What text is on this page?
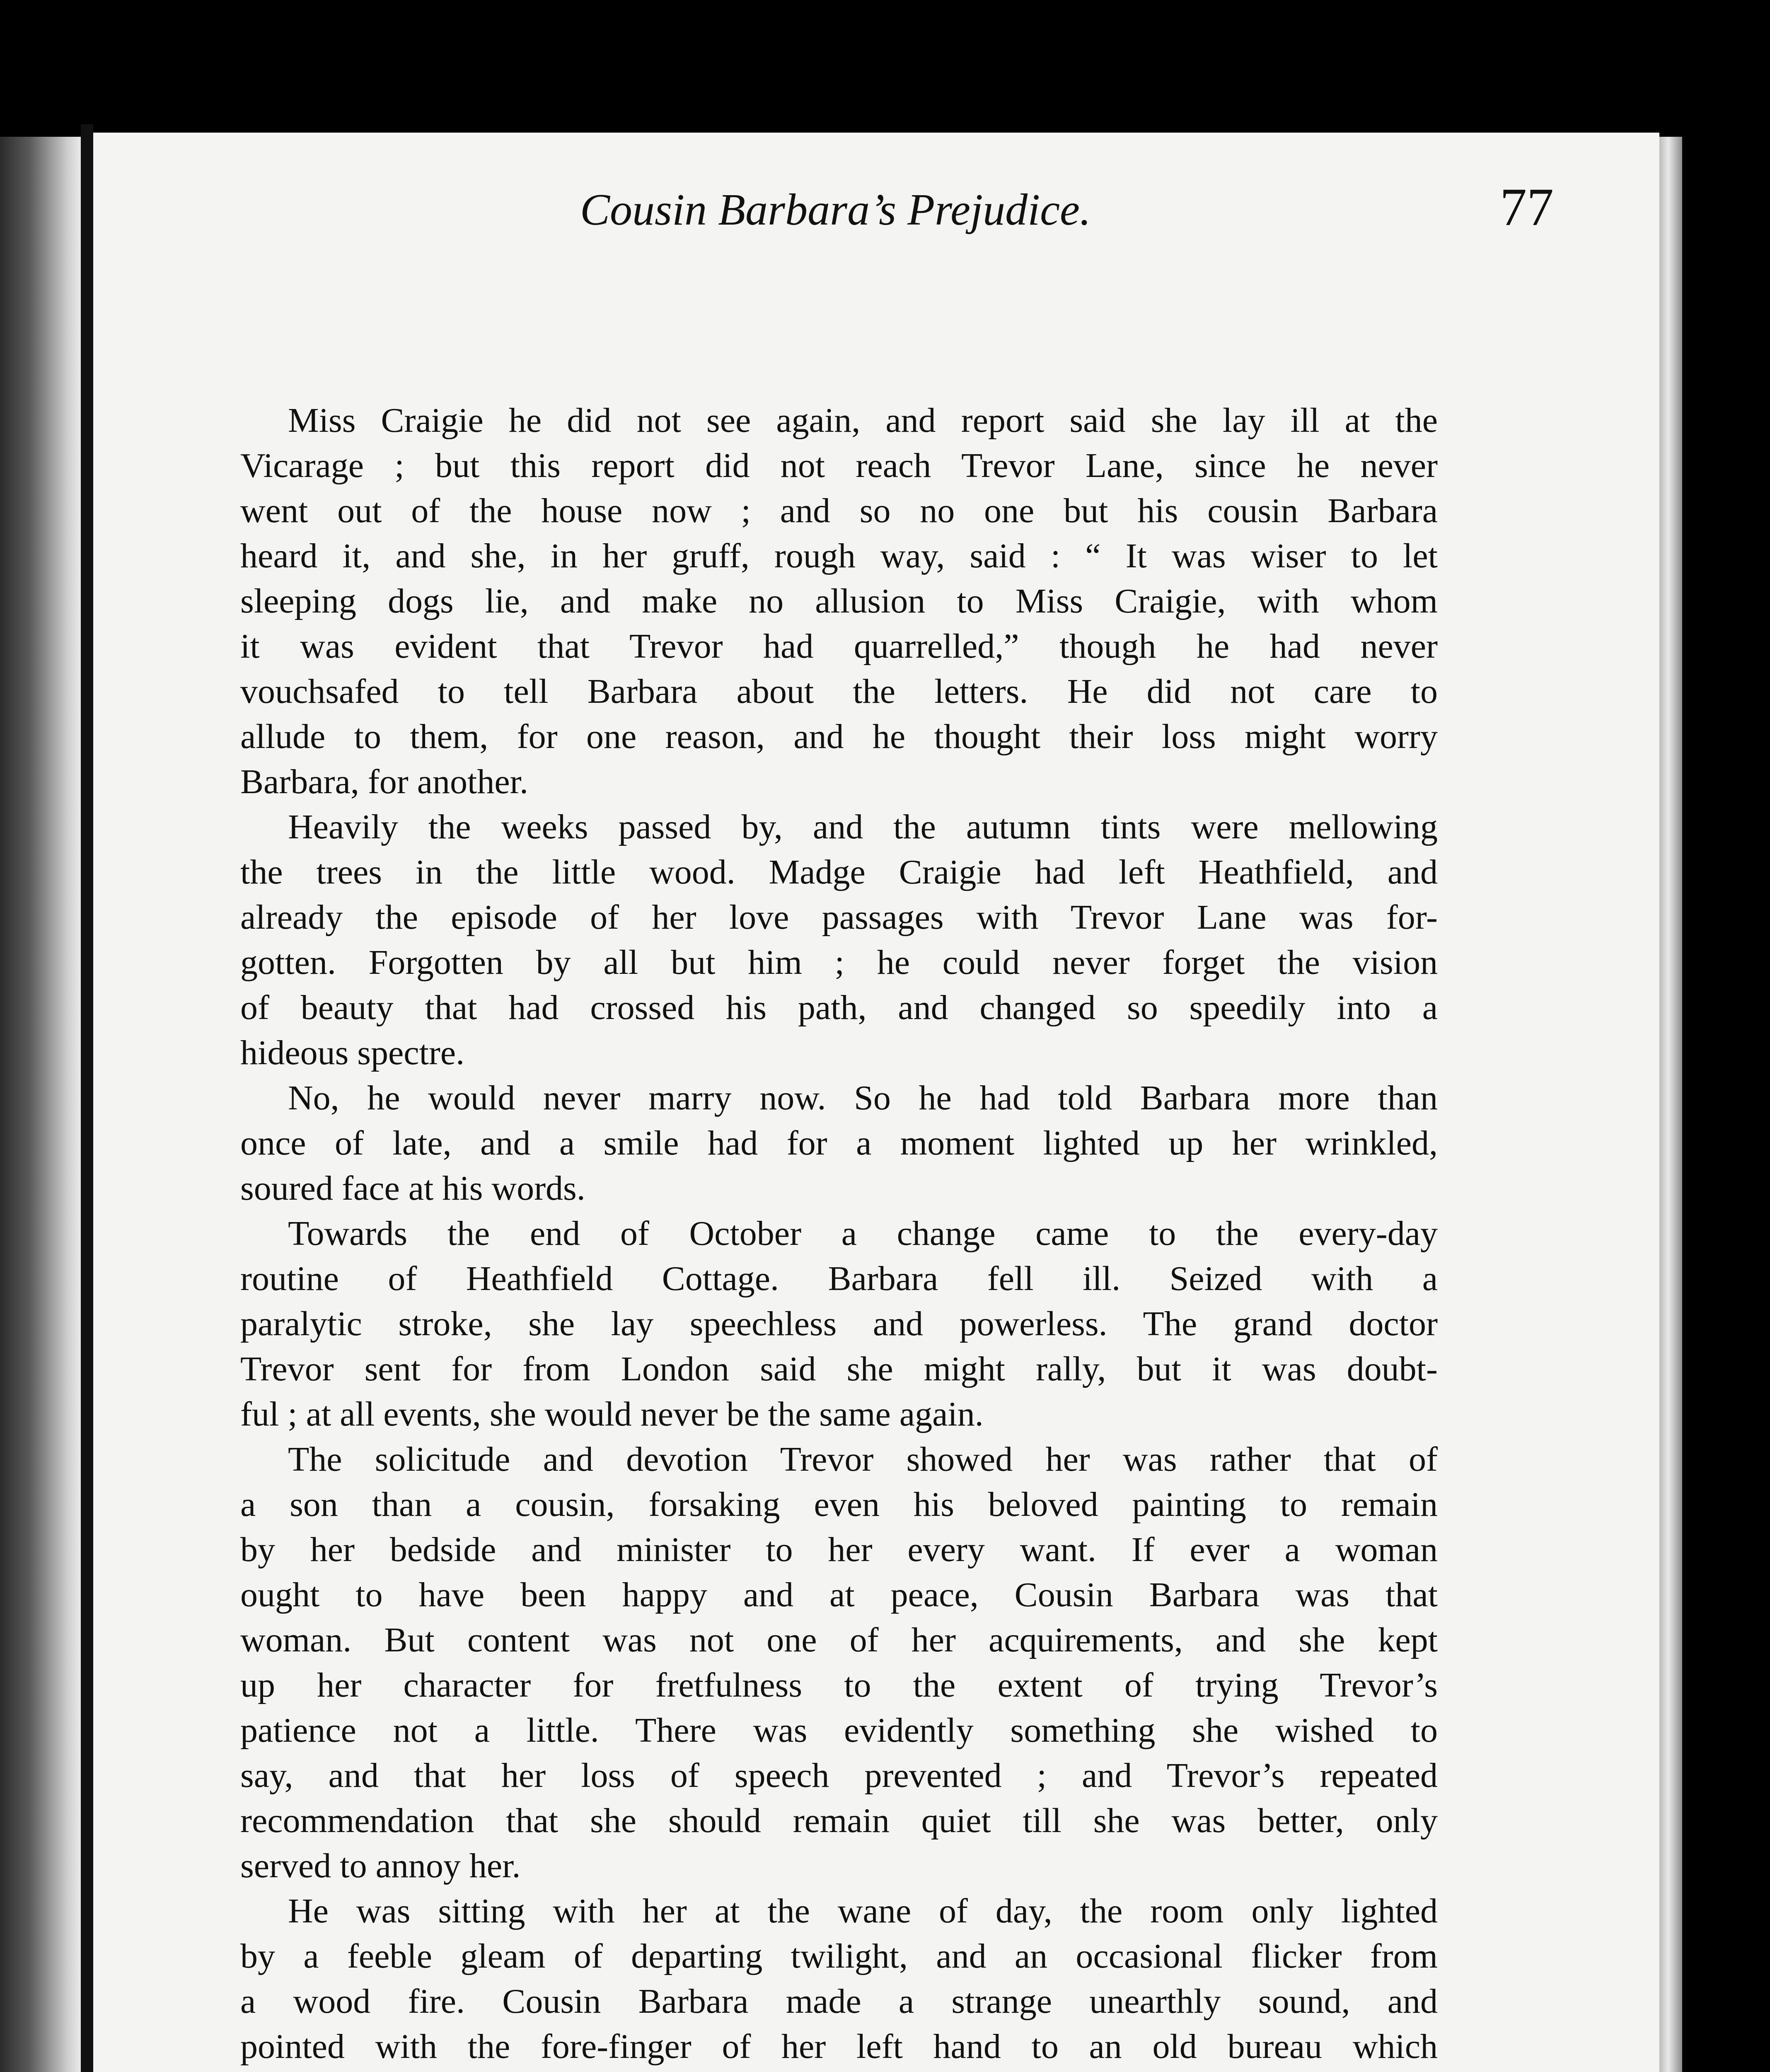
Cousin Barbara’s Prejudice.	77
Miss Craigie he did not see again, and report said she lay ill at the
Vicarage ; but this report did not reach Trevor Lane, since he never
went out of the house now ; and so no one but his cousin Barbara
heard it, and she, in her gruff, rough way, said : “ It was wiser to let
sleeping dogs lie, and make no allusion to Miss Craigie, with whom
it was evident that Trevor had quarrelled,” though he had never
vouchsafed to tell Barbara about the letters. He did not care to
allude to them, for one reason, and he thought their loss might worry
Barbara, for another.
Heavily the weeks passed by, and the autumn tints were mellowing
the trees in the little wood. Madge Craigie had left Heathfield, and
already the episode of her love passages with Trevor Lane was for-
gotten. Forgotten by all but him ; he could never forget the vision
of beauty that had crossed his path, and changed so speedily into a
hideous spectre.
No, he would never marry now. So he had told Barbara more than
once of late, and a smile had for a moment lighted up her wrinkled,
soured face at his words.
Towards the end of October a change came to the every-day
routine of Heathfield Cottage. Barbara fell ill. Seized with a
paralytic stroke, she lay speechless and powerless. The grand doctor
Trevor sent for from London said she might rally, but it was doubt-
ful ; at all events, she would never be the same again.
The solicitude and devotion Trevor showed her was rather that of
a son than a cousin, forsaking even his beloved painting to remain
by her bedside and minister to her every want. If ever a woman
ought to have been happy and at peace, Cousin Barbara was that
woman. But content was not one of her acquirements, and she kept
up her character for fretfulness to the extent of trying Trevor’s
patience not a little. There was evidently something she wished to
say, and that her loss of speech prevented ; and Trevor’s repeated
recommendation that she should remain quiet till she was better, only
served to annoy her.
He was sitting with her at the wane of day, the room only lighted
by a feeble gleam of departing twilight, and an occasional flicker from
a wood fire. Cousin Barbara made a strange unearthly sound, and
pointed with the fore-finger of her left hand to an old bureau which
